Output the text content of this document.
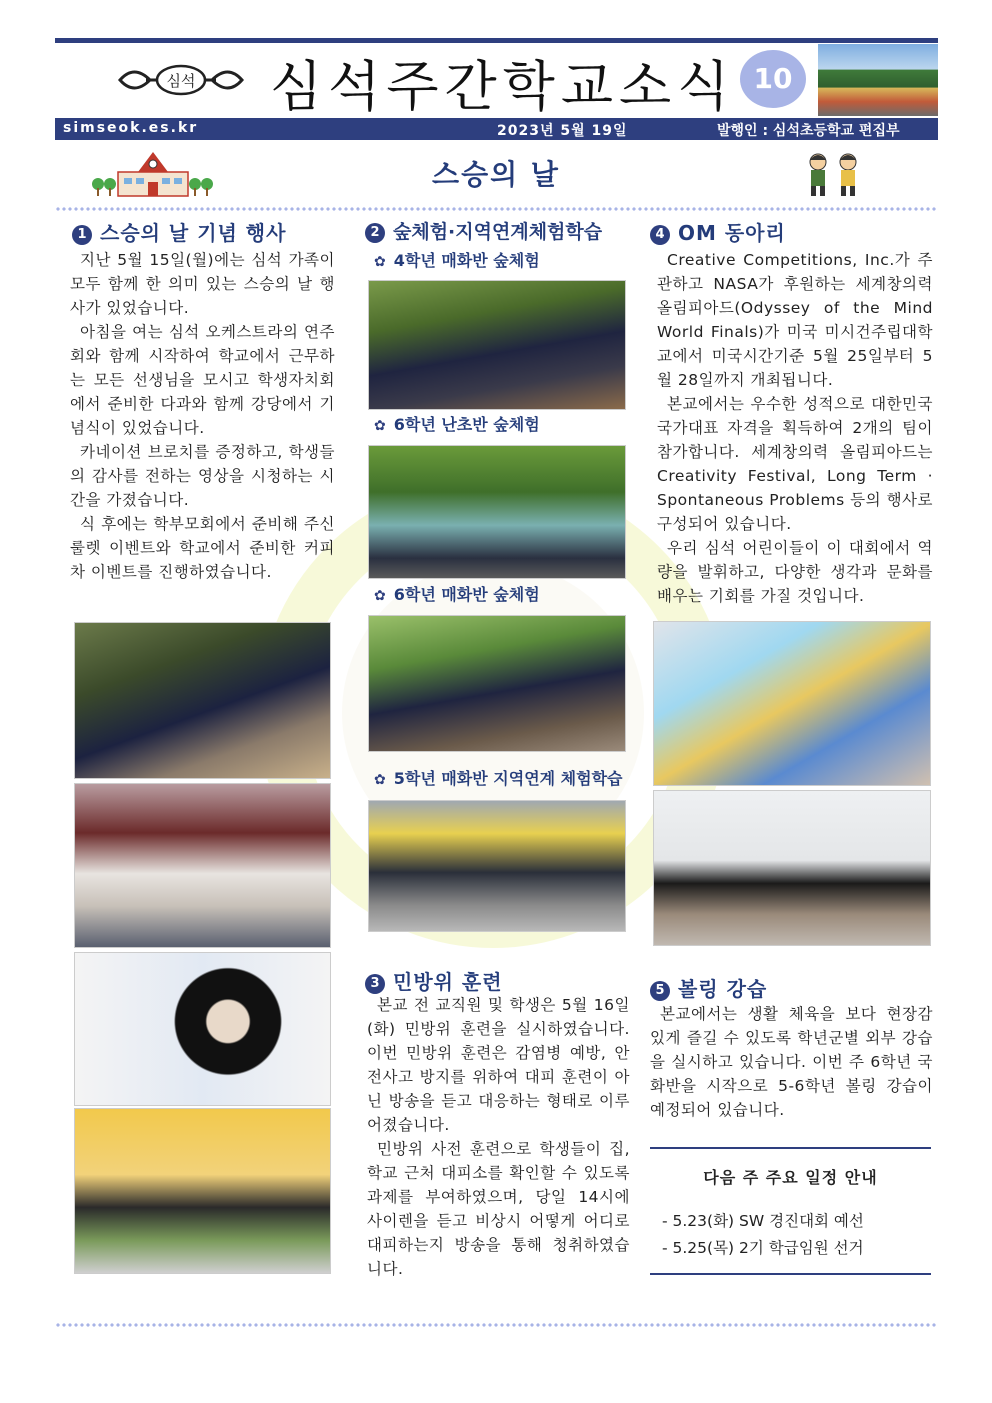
심석 심석주간학교소식 10
simseok.es.kr	2023년 5월 19일	발행인 : 심석초등학교 편집부
스승의 날
1 스승의 날 기념 행사
지난 5월 15일(월)에는 심석 가족이 모두 함께 한 의미 있는 스승의 날 행사가 있었습니다.
아침을 여는 심석 오케스트라의 연주회와 함께 시작하여 학교에서 근무하는 모든 선생님을 모시고 학생자치회에서 준비한 다과와 함께 강당에서 기념식이 있었습니다.
카네이션 브로치를 증정하고, 학생들의 감사를 전하는 영상을 시청하는 시간을 가졌습니다.
식 후에는 학부모회에서 준비해 주신 룰렛 이벤트와 학교에서 준비한 커피차 이벤트를 진행하였습니다.
2 숲체험·지역연계체험학습
✿ 4학년 매화반 숲체험
✿ 6학년 난초반 숲체험
✿ 6학년 매화반 숲체험
✿ 5학년 매화반 지역연계 체험학습
3 민방위 훈련
본교 전 교직원 및 학생은 5월 16일(화) 민방위 훈련을 실시하였습니다. 이번 민방위 훈련은 감염병 예방, 안전사고 방지를 위하여 대피 훈련이 아닌 방송을 듣고 대응하는 형태로 이루어졌습니다.
민방위 사전 훈련으로 학생들이 집, 학교 근처 대피소를 확인할 수 있도록 과제를 부여하였으며, 당일 14시에 사이렌을 듣고 비상시 어떻게 어디로 대피하는지 방송을 통해 청취하였습니다.
4 OM 동아리
Creative Competitions, Inc.가 주관하고 NASA가 후원하는 세계창의력올림피아드(Odyssey of the Mind World Finals)가 미국 미시건주립대학교에서 미국시간기준 5월 25일부터 5월 28일까지 개최됩니다.
본교에서는 우수한 성적으로 대한민국 국가대표 자격을 획득하여 2개의 팀이 참가합니다. 세계창의력 올림피아드는 Creativity Festival, Long Term · Spontaneous Problems 등의 행사로 구성되어 있습니다.
우리 심석 어린이들이 이 대회에서 역량을 발휘하고, 다양한 생각과 문화를 배우는 기회를 가질 것입니다.
5 볼링 강습
본교에서는 생활 체육을 보다 현장감 있게 즐길 수 있도록 학년군별 외부 강습을 실시하고 있습니다. 이번 주 6학년 국화반을 시작으로 5-6학년 볼링 강습이 예정되어 있습니다.
다음 주 주요 일정 안내
- 5.23(화) SW 경진대회 예선
- 5.25(목) 2기 학급임원 선거
